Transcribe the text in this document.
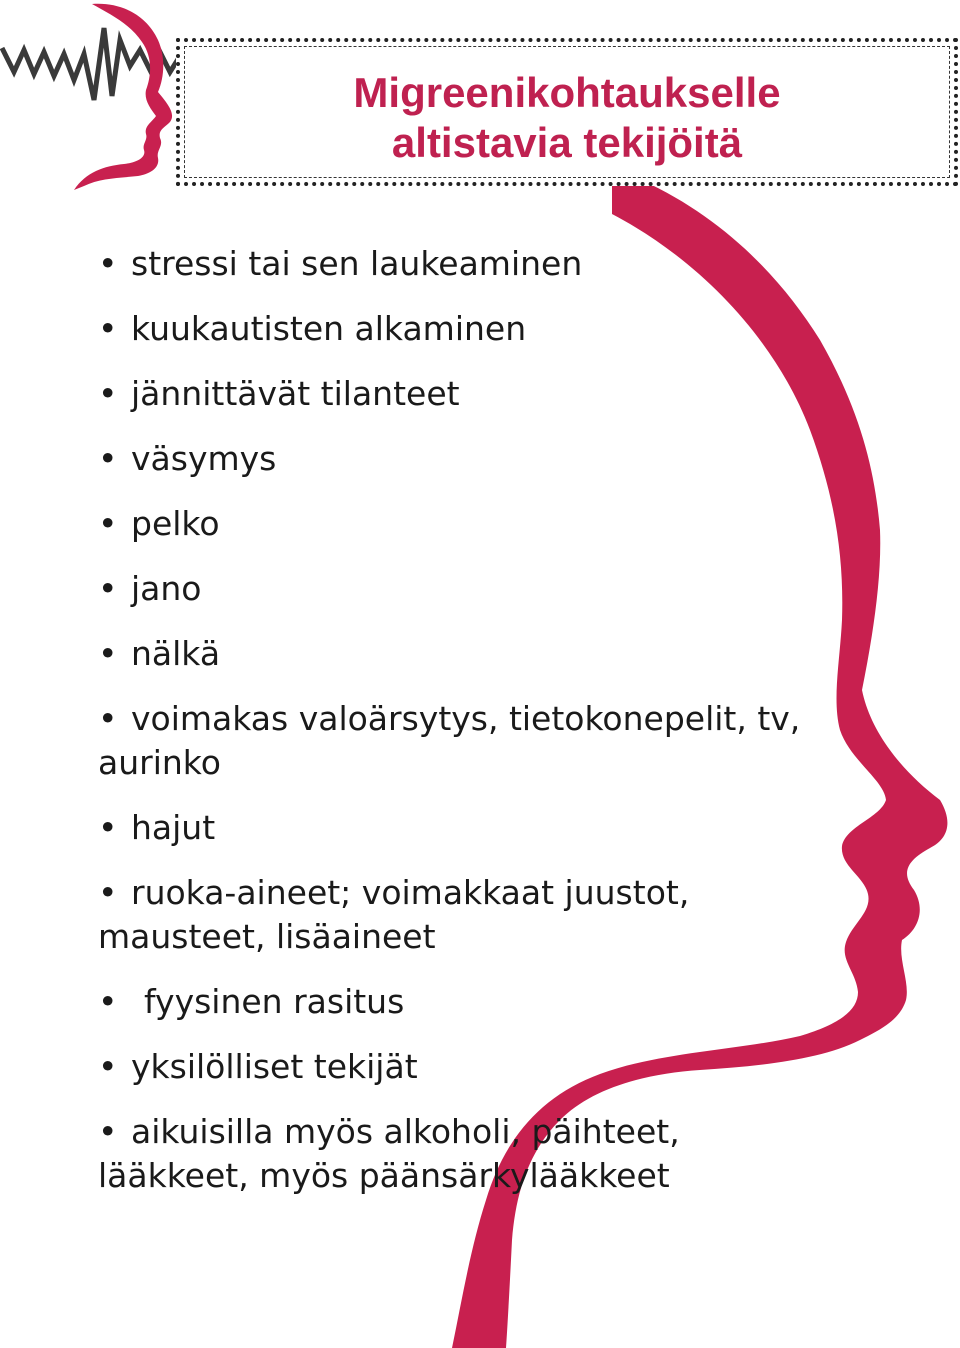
Migreenikohtaukselle
altistavia tekijöitä
• stressi tai sen laukeaminen
• kuukautisten alkaminen
• jännittävät tilanteet
• väsymys
• pelko
• jano
• nälkä
• voimakas valoärsytys, tietokonepelit, tv, aurinko
• hajut
• ruoka-aineet; voimakkaat juustot, mausteet, lisäaineet
• fyysinen rasitus
• yksilölliset tekijät
• aikuisilla myös alkoholi, päihteet, lääkkeet, myös päänsärkylääkkeet
